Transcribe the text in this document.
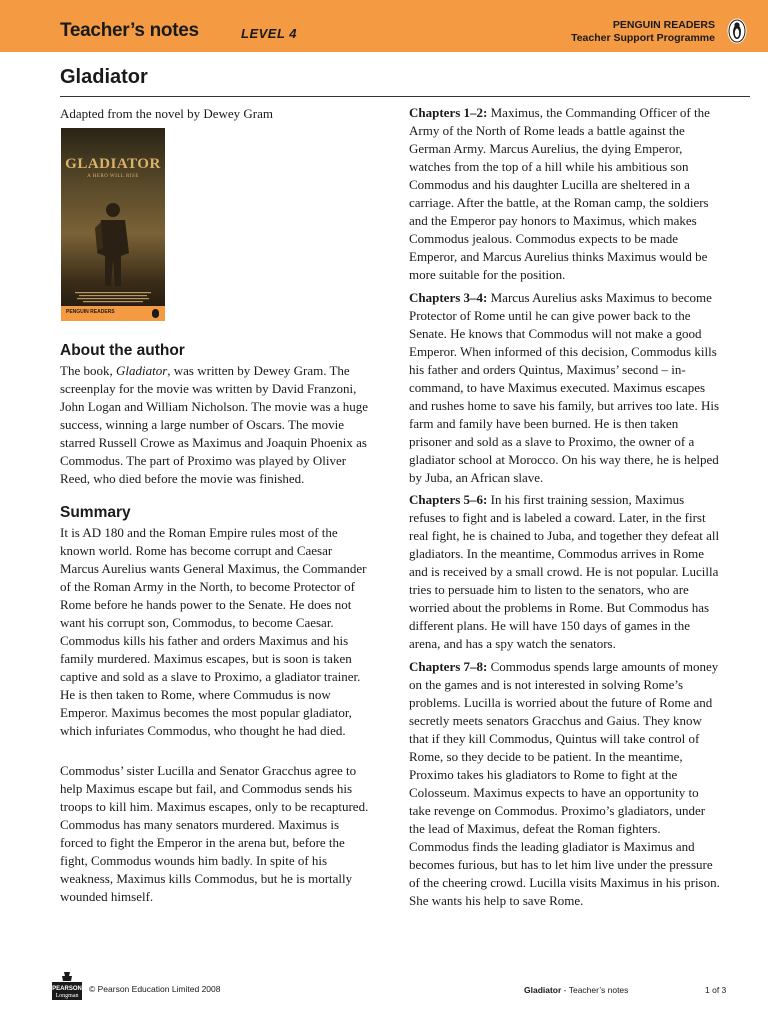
Teacher’s notes	LEVEL 4
PENGUIN READERS
Teacher Support Programme
Gladiator
Adapted from the novel by Dewey Gram
GLADIATOR
A HERO WILL RISE
PENGUIN READERS
About the author

The book, Gladiator, was written by Dewey Gram. The screenplay for the movie was written by David Franzoni, John Logan and William Nicholson. The movie was a huge success, winning a large number of Oscars. The movie starred Russell Crowe as Maximus and Joaquin Phoenix as Commodus. The part of Proximo was played by Oliver Reed, who died before the movie was finished.

Summary

It is AD 180 and the Roman Empire rules most of the known world. Rome has become corrupt and Caesar Marcus Aurelius wants General Maximus, the Commander of the Roman Army in the North, to become Protector of Rome before he hands power to the Senate. He does not want his corrupt son, Commodus, to become Caesar. Commodus kills his father and orders Maximus and his family murdered. Maximus escapes, but is soon is taken captive and sold as a slave to Proximo, a gladiator trainer. He is then taken to Rome, where Commudus is now Emperor. Maximus becomes the most popular gladiator, which infuriates Commodus, who thought he had died.

Commodus’ sister Lucilla and Senator Gracchus agree to help Maximus escape but fail, and Commodus sends his troops to kill him. Maximus escapes, only to be recaptured. Commodus has many senators murdered. Maximus is forced to fight the Emperor in the arena but, before the fight, Commodus wounds him badly. In spite of his weakness, Maximus kills Commodus, but he is mortally wounded himself.

Chapters 1–2: Maximus, the Commanding Officer of the Army of the North of Rome leads a battle against the German Army. Marcus Aurelius, the dying Emperor, watches from the top of a hill while his ambitious son Commodus and his daughter Lucilla are sheltered in a carriage. After the battle, at the Roman camp, the soldiers and the Emperor pay honors to Maximus, which makes Commodus jealous. Commodus expects to be made Emperor, and Marcus Aurelius thinks Maximus would be more suitable for the position.

Chapters 3–4: Marcus Aurelius asks Maximus to become Protector of Rome until he can give power back to the Senate. He knows that Commodus will not make a good Emperor. When informed of this decision, Commodus kills his father and orders Quintus, Maximus’ second – in-command, to have Maximus executed. Maximus escapes and rushes home to save his family, but arrives too late. His farm and family have been burned. He is then taken prisoner and sold as a slave to Proximo, the owner of a gladiator school at Morocco. On his way there, he is helped by Juba, an African slave.

Chapters 5–6: In his first training session, Maximus refuses to fight and is labeled a coward. Later, in the first real fight, he is chained to Juba, and together they defeat all gladiators. In the meantime, Commodus arrives in Rome and is received by a small crowd. He is not popular. Lucilla tries to persuade him to listen to the senators, who are worried about the problems in Rome. But Commodus has different plans. He will have 150 days of games in the arena, and has a spy watch the senators.

Chapters 7–8: Commodus spends large amounts of money on the games and is not interested in solving Rome’s problems. Lucilla is worried about the future of Rome and secretly meets senators Gracchus and Gaius. They know that if they kill Commodus, Quintus will take control of Rome, so they decide to be patient. In the meantime, Proximo takes his gladiators to Rome to fight at the Colosseum. Maximus expects to have an opportunity to take revenge on Commodus. Proximo’s gladiators, under the lead of Maximus, defeat the Roman fighters. Commodus finds the leading gladiator is Maximus and becomes furious, but has to let him live under the pressure of the cheering crowd. Lucilla visits Maximus in his prison. She wants his help to save Rome.

PEARSON
Longman
© Pearson Education Limited 2008	Gladiator - Teacher’s notes	1 of 3
